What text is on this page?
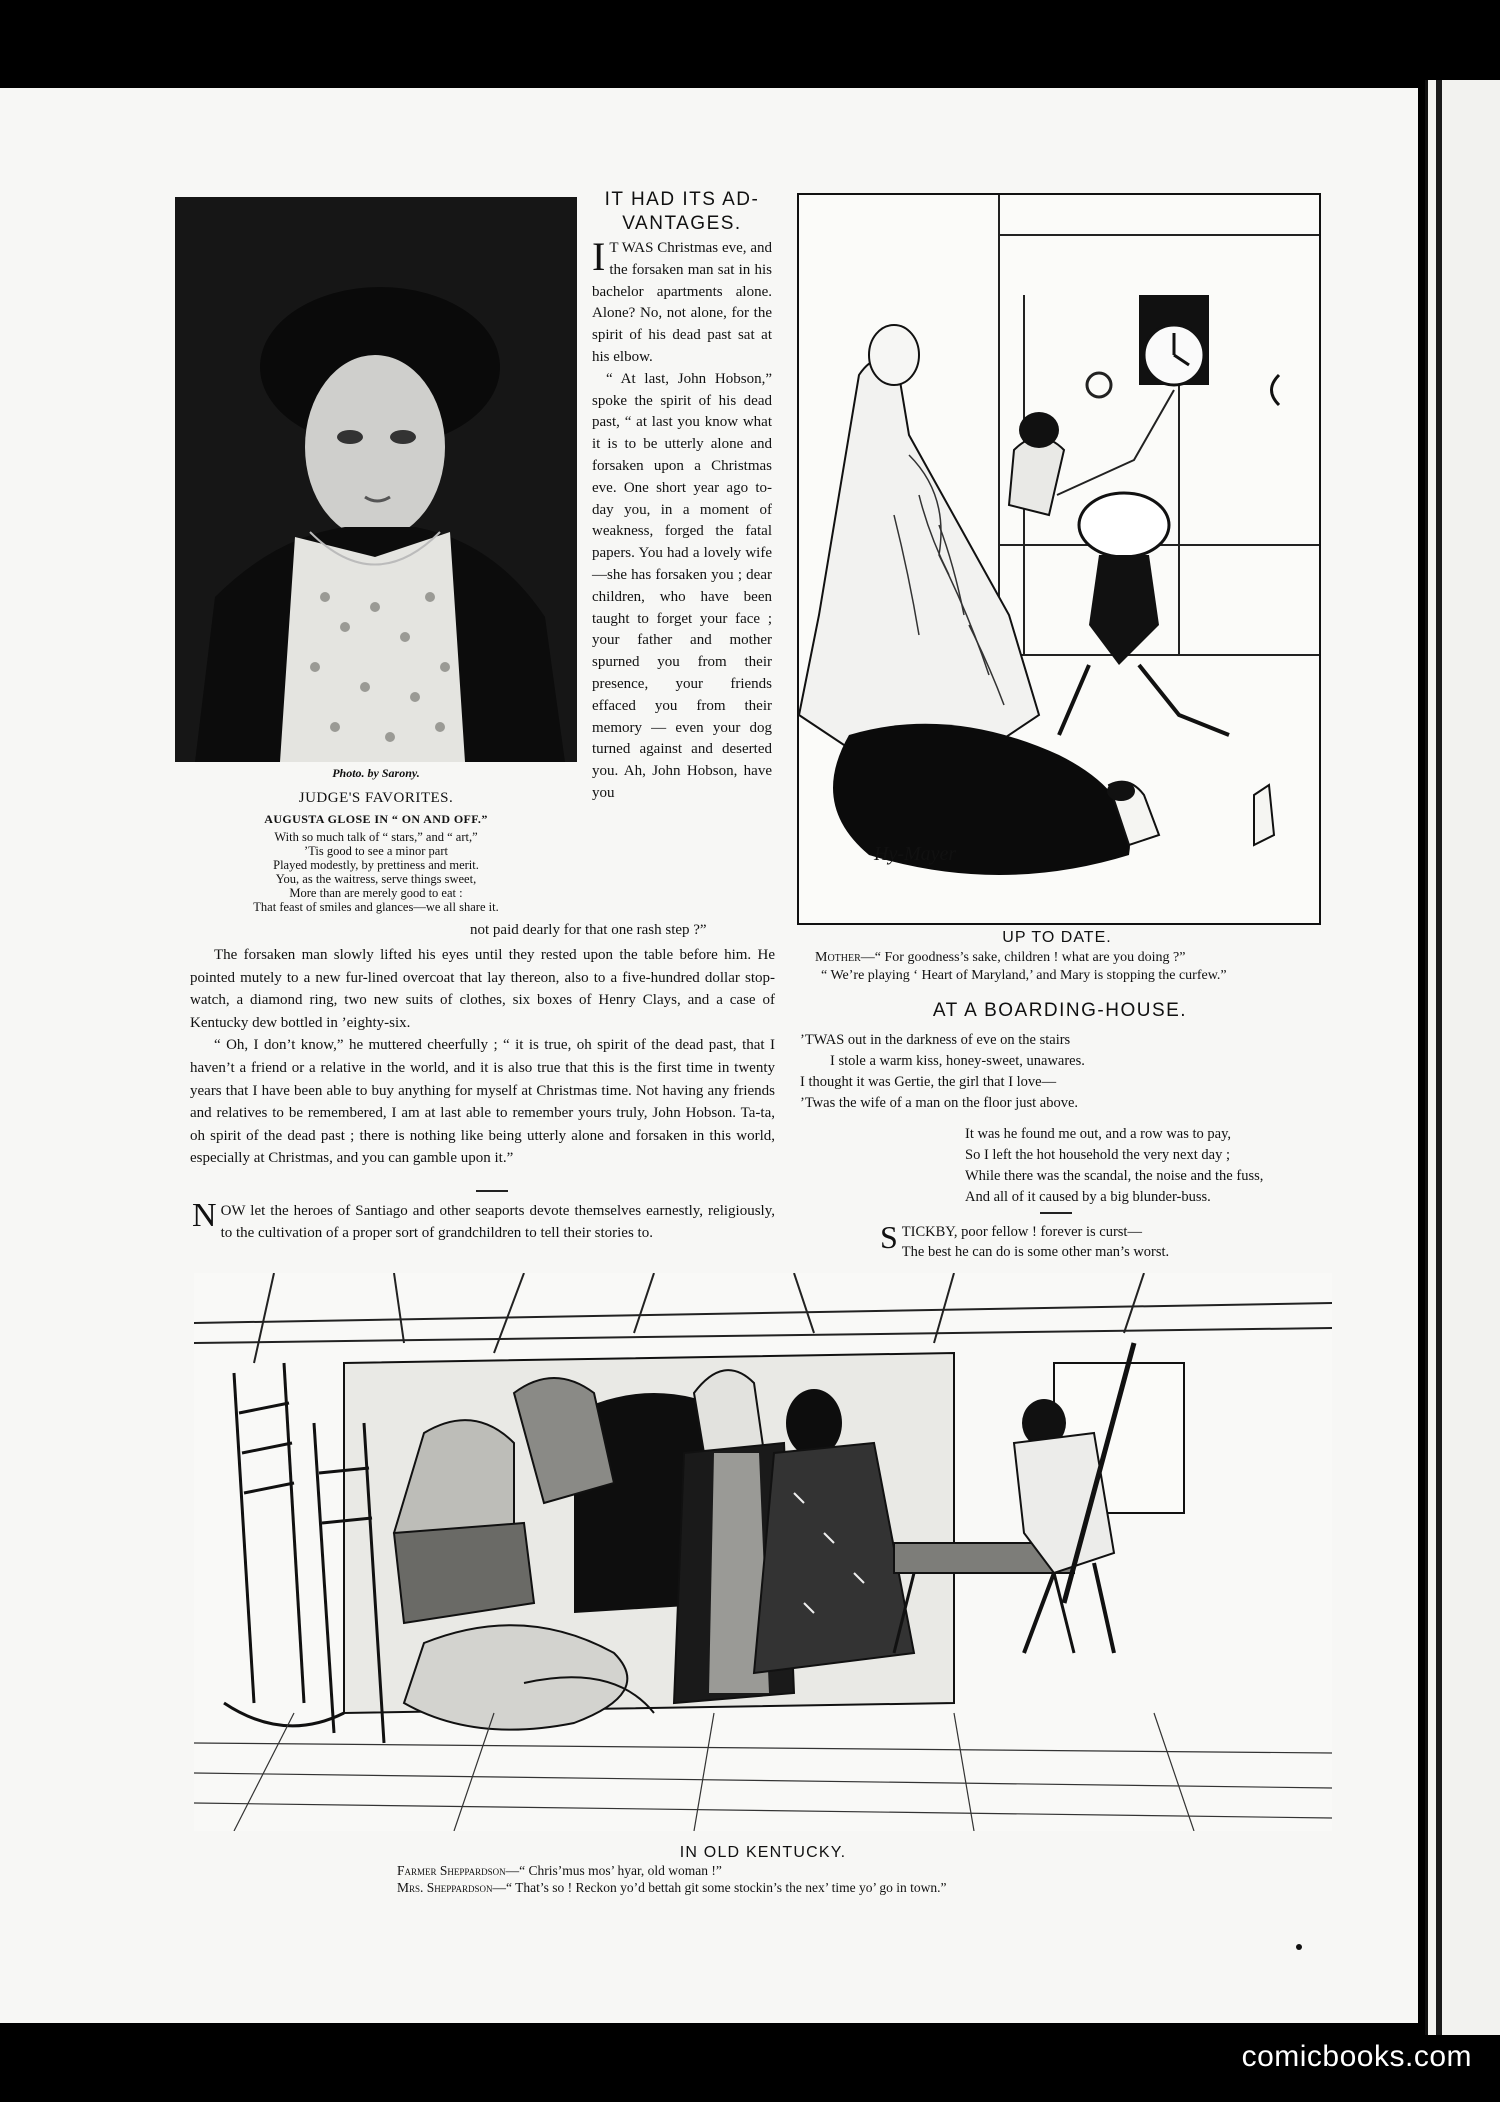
Photo. by Sarony.
JUDGE'S FAVORITES.
AUGUSTA GLOSE IN “ ON AND OFF.”
With so much talk of “ stars,” and “ art,”
’Tis good to see a minor part
Played modestly, by prettiness and merit.
You, as the waitress, serve things sweet,
More than are merely good to eat :
That feast of smiles and glances—we all share it.
IT HAD ITS AD-
VANTAGES.

I T WAS Christmas eve, and the forsaken man sat in his bachelor apartments alone. Alone? No, not alone, for the spirit of his dead past sat at his elbow.

“ At last, John Hobson,” spoke the spirit of his dead past, “ at last you know what it is to be utterly alone and forsaken upon a Christmas eve. One short year ago to-day you, in a moment of weakness, forged the fatal papers. You had a lovely wife—she has forsaken you ; dear children, who have been taught to forget your face ; your father and mother spurned you from their presence, your friends effaced you from their memory — even your dog turned against and deserted you. Ah, John Hobson, have you

not paid dearly for that one rash step ?”

The forsaken man slowly lifted his eyes until they rested upon the table before him. He pointed mutely to a new fur-lined overcoat that lay thereon, also to a five-hundred dollar stop-watch, a diamond ring, two new suits of clothes, six boxes of Henry Clays, and a case of Kentucky dew bottled in ’eighty-six.

“ Oh, I don’t know,” he muttered cheerfully ; “ it is true, oh spirit of the dead past, that I haven’t a friend or a relative in the world, and it is also true that this is the first time in twenty years that I have been able to buy anything for myself at Christmas time. Not having any friends and relatives to be remembered, I am at last able to remember yours truly, John Hobson. Ta-ta, oh spirit of the dead past ; there is nothing like being utterly alone and forsaken in this world, especially at Christmas, and you can gamble upon it.”

NOW let the heroes of Santiago and other seaports devote themselves earnestly, religiously, to the cultivation of a proper sort of grandchildren to tell their stories to.
Hy-Mayer
UP TO DATE.
Mother—“ For goodness’s sake, children ! what are you doing ?”
“ We’re playing ‘ Heart of Maryland,’ and Mary is stopping the curfew.”
AT A BOARDING-HOUSE.
’TWAS out in the darkness of eve on the stairs
I stole a warm kiss, honey-sweet, unawares.
I thought it was Gertie, the girl that I love—
’Twas the wife of a man on the floor just above.
It was he found me out, and a row was to pay,
So I left the hot household the very next day ;
While there was the scandal, the noise and the fuss,
And all of it caused by a big blunder-buss.
STICKBY, poor fellow ! forever is curst—
The best he can do is some other man’s worst.
IN OLD KENTUCKY.
Farmer Sheppardson—“ Chris’mus mos’ hyar, old woman !”
Mrs. Sheppardson—“ That’s so ! Reckon yo’d bettah git some stockin’s the nex’ time yo’ go in town.”
comicbooks.com
